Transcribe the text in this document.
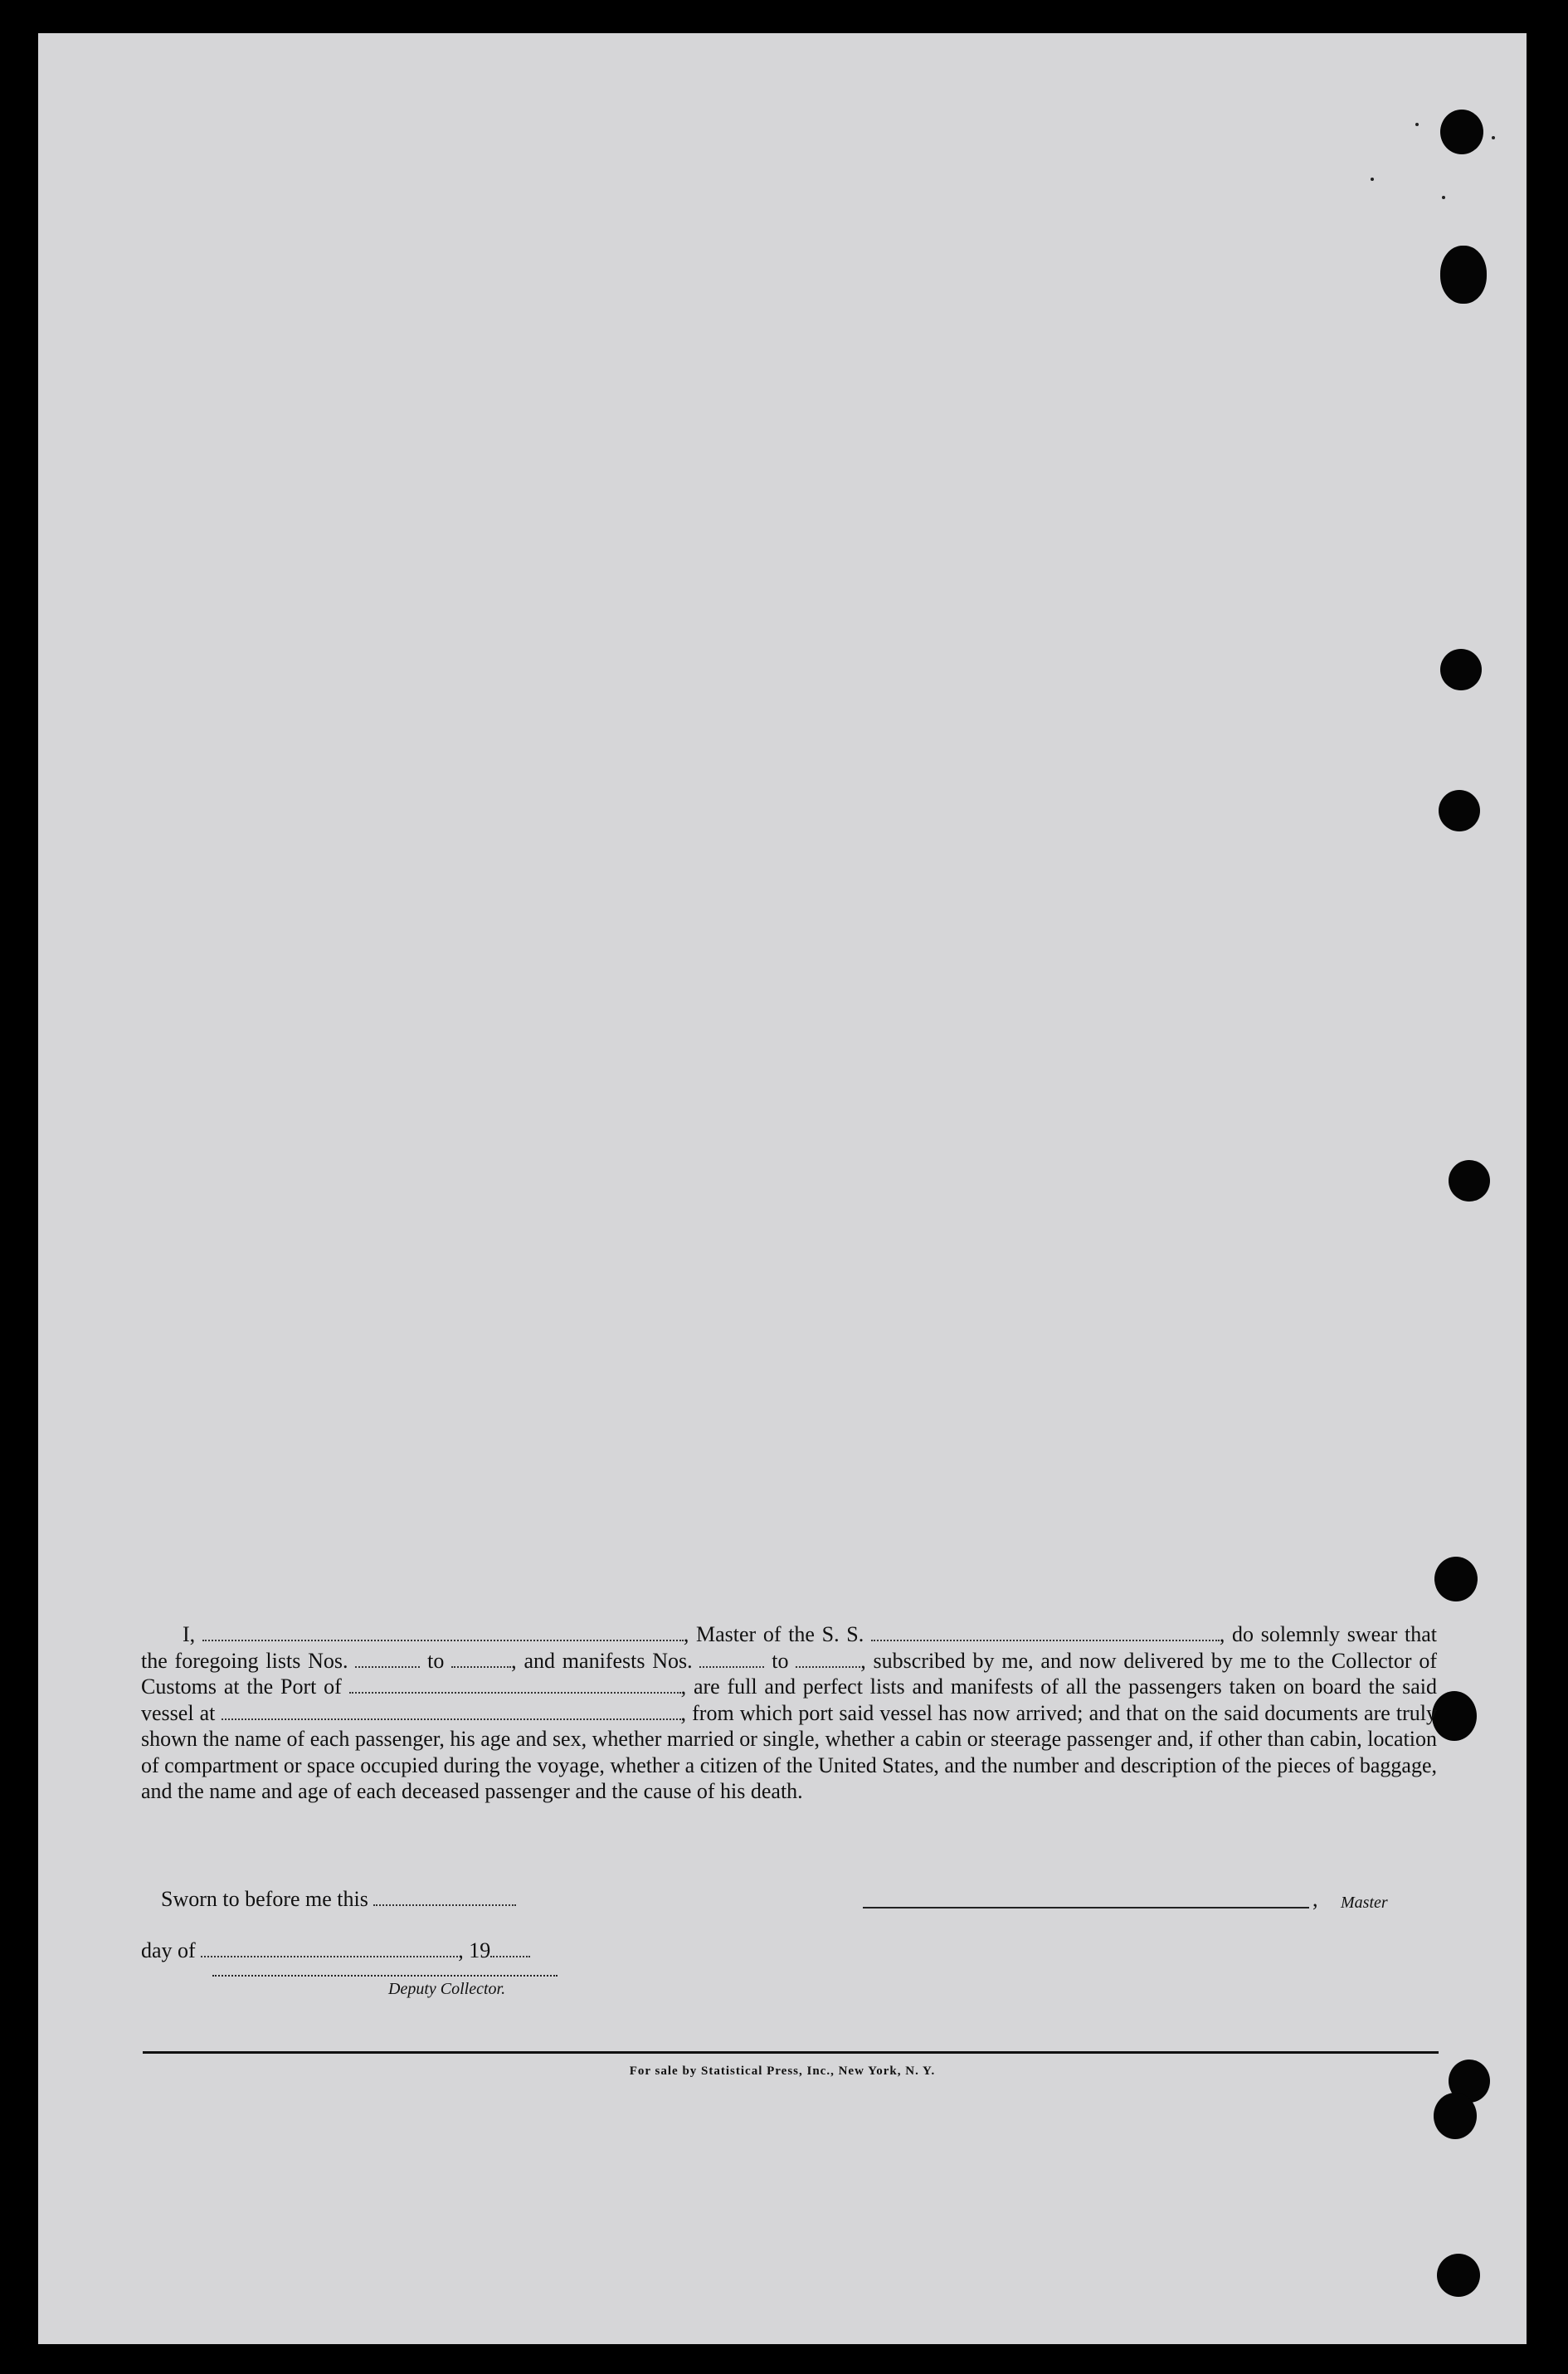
I,	, Master of the S. S.	, do solemnly swear that the foregoing lists Nos.	to	, and manifests Nos.	to	, subscribed by me, and now delivered by me to the Collector of Customs at the Port of	, are full and perfect lists and manifests of all the passengers taken on board the said vessel at	, from which port said vessel has now arrived; and that on the said documents are truly shown the name of each passenger, his age and sex, whether married or single, whether a cabin or steerage passenger and, if other than cabin, location of compartment or space occupied during the voyage, whether a citizen of the United States, and the number and description of the pieces of baggage, and the name and age of each deceased passenger and the cause of his death.

Sworn to before me this	, Master
day of	, 19
Deputy Collector.
For sale by Statistical Press, Inc., New York, N. Y.
